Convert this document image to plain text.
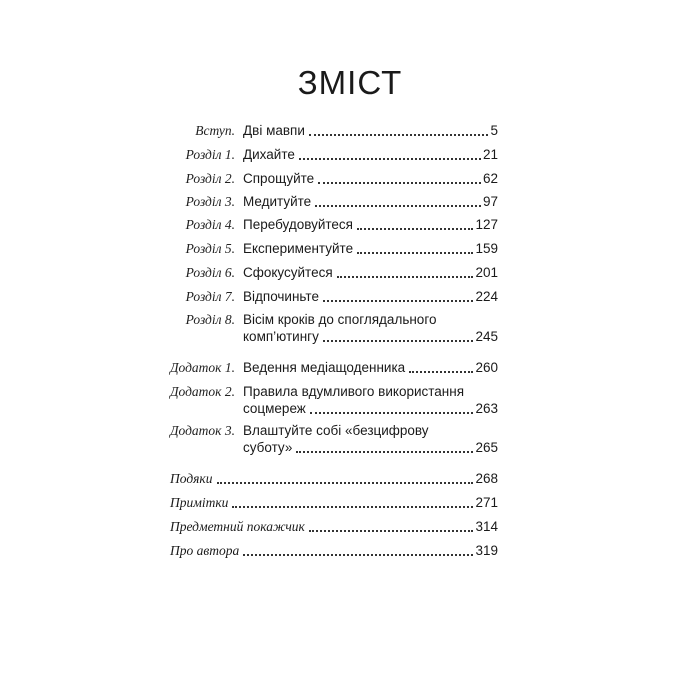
ЗМІСТ
Вступ. Дві мавпи	5
Розділ 1. Дихайте	21
Розділ 2. Спрощуйте	62
Розділ 3. Медитуйте	97
Розділ 4. Перебудовуйтеся	127
Розділ 5. Експериментуйте	159
Розділ 6. Сфокусуйтеся	201
Розділ 7. Відпочиньте	224
Розділ 8. Вісім кроків до споглядального
комп’ютингу	245
Додаток 1. Ведення медіащоденника	260
Додаток 2. Правила вдумливого використання
соцмереж	263
Додаток 3. Влаштуйте собі «безцифрову
суботу»	265
Подяки	268
Примітки	271
Предметний покажчик	314
Про автора	319
